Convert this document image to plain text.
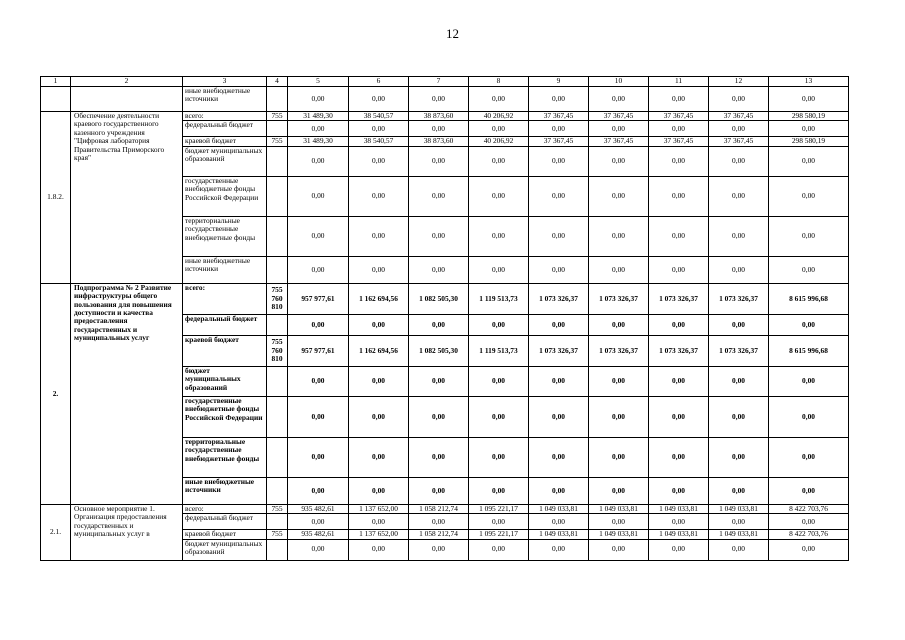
12
1	2	3	4	5	6	7	8	9	10	11	12	13
		иные внебюджетные источники		0,00	0,00	0,00	0,00	0,00	0,00	0,00	0,00	0,00
1.8.2.	Обеспечение деятельности краевого государственного казенного учреждения "Цифровая лаборатория Правительства Приморского края"	всего:	755	31 489,30	38 540,57	38 873,60	40 206,92	37 367,45	37 367,45	37 367,45	37 367,45	298 580,19
		федеральный бюджет		0,00	0,00	0,00	0,00	0,00	0,00	0,00	0,00	0,00
		краевой бюджет	755	31 489,30	38 540,57	38 873,60	40 206,92	37 367,45	37 367,45	37 367,45	37 367,45	298 580,19
		бюджет муниципальных образований		0,00	0,00	0,00	0,00	0,00	0,00	0,00	0,00	0,00
		государственные внебюджетные фонды Российской Федерации		0,00	0,00	0,00	0,00	0,00	0,00	0,00	0,00	0,00
		территориальные государственные внебюджетные фонды		0,00	0,00	0,00	0,00	0,00	0,00	0,00	0,00	0,00
		иные внебюджетные источники		0,00	0,00	0,00	0,00	0,00	0,00	0,00	0,00	0,00
2.	Подпрограмма № 2 Развитие инфраструктуры общего пользования для повышения доступности и качества предоставления государственных и муниципальных услуг	всего:	755 760 810	957 977,61	1 162 694,56	1 082 505,30	1 119 513,73	1 073 326,37	1 073 326,37	1 073 326,37	1 073 326,37	8 615 996,68
		федеральный бюджет		0,00	0,00	0,00	0,00	0,00	0,00	0,00	0,00	0,00
		краевой бюджет	755 760 810	957 977,61	1 162 694,56	1 082 505,30	1 119 513,73	1 073 326,37	1 073 326,37	1 073 326,37	1 073 326,37	8 615 996,68
		бюджет муниципальных образований		0,00	0,00	0,00	0,00	0,00	0,00	0,00	0,00	0,00
		государственные внебюджетные фонды Российской Федерации		0,00	0,00	0,00	0,00	0,00	0,00	0,00	0,00	0,00
		территориальные государственные внебюджетные фонды		0,00	0,00	0,00	0,00	0,00	0,00	0,00	0,00	0,00
		иные внебюджетные источники		0,00	0,00	0,00	0,00	0,00	0,00	0,00	0,00	0,00
2.1.	Основное мероприятие 1. Организация предоставления государственных и муниципальных услуг в	всего:	755	935 482,61	1 137 652,00	1 058 212,74	1 095 221,17	1 049 033,81	1 049 033,81	1 049 033,81	1 049 033,81	8 422 703,76
		федеральный бюджет		0,00	0,00	0,00	0,00	0,00	0,00	0,00	0,00	0,00
		краевой бюджет	755	935 482,61	1 137 652,00	1 058 212,74	1 095 221,17	1 049 033,81	1 049 033,81	1 049 033,81	1 049 033,81	8 422 703,76
		бюджет муниципальных образований		0,00	0,00	0,00	0,00	0,00	0,00	0,00	0,00	0,00
